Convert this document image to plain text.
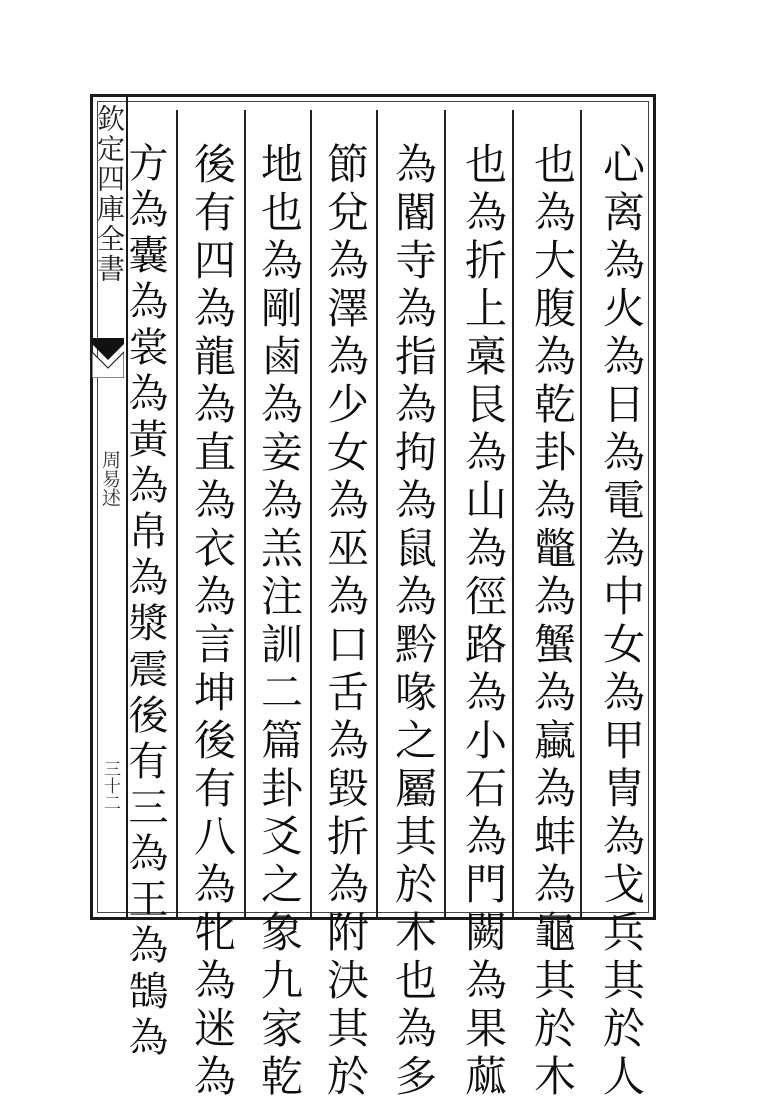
欽定四庫全書
周易述
三十二	心离為火為日為電為中女為甲冑為戈兵其於人
也為大腹為乾卦為鼈為蟹為蠃為蚌為龜其於木
也為折上槀艮為山為徑路為小石為門闕為果蓏
為閽寺為指為拘為鼠為黔喙之屬其於木也為多
節兌為澤為少女為巫為口舌為毀折為附決其於
地也為剛鹵為妾為羔注訓二篇卦爻之象九家乾
後有四為龍為直為衣為言坤後有八為牝為迷為
方為囊為裳為黃為帛為漿震後有三為王為鵠為
